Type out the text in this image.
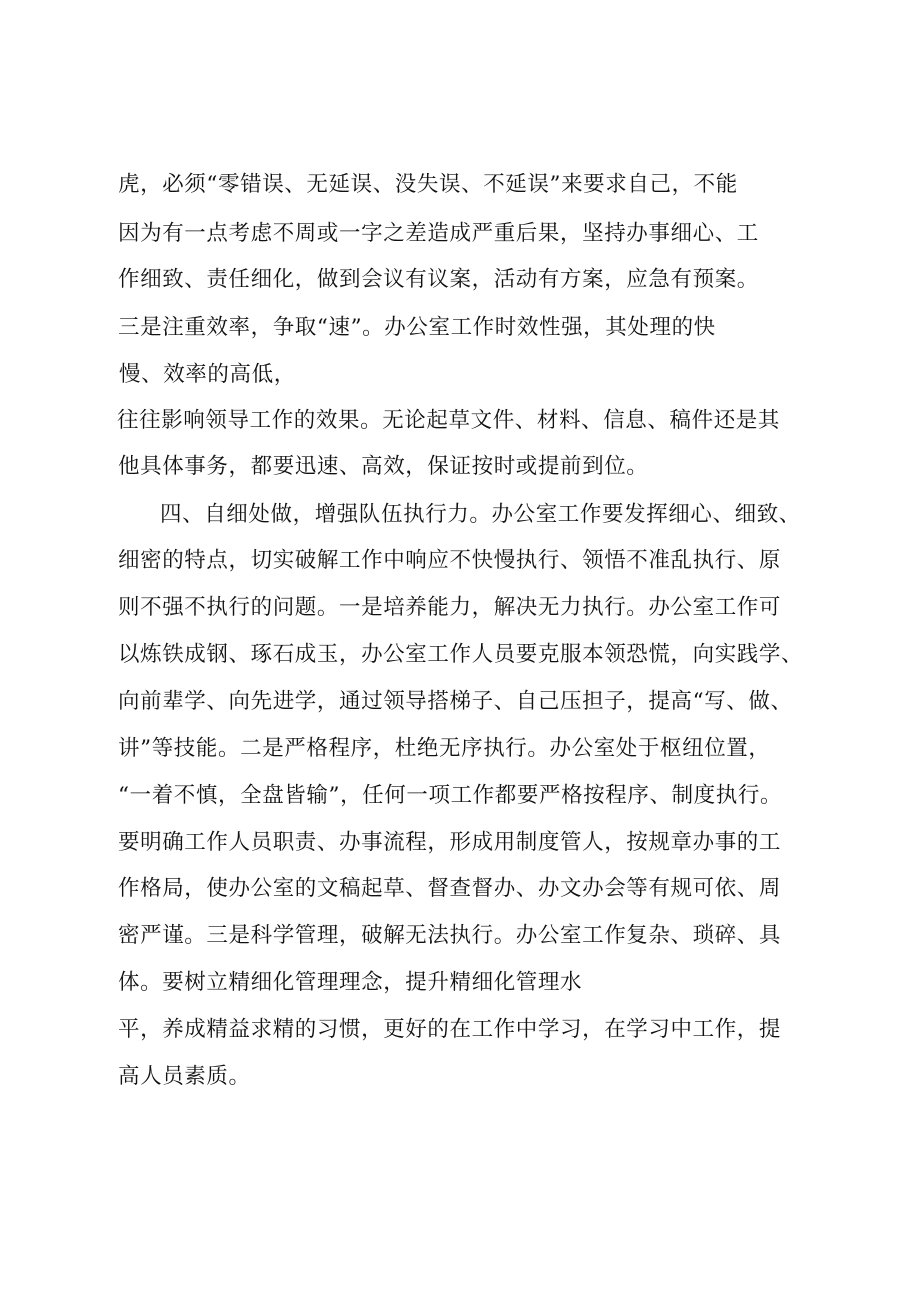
虎，必须“零错误、无延误、没失误、不延误”来要求自己，不能
因为有一点考虑不周或一字之差造成严重后果，坚持办事细心、工
作细致、责任细化，做到会议有议案，活动有方案，应急有预案。
三是注重效率，争取“速”。办公室工作时效性强，其处理的快
慢、效率的高低，
往往影响领导工作的效果。无论起草文件、材料、信息、稿件还是其
他具体事务，都要迅速、高效，保证按时或提前到位。
四、自细处做，增强队伍执行力。办公室工作要发挥细心、细致、
细密的特点，切实破解工作中响应不快慢执行、领悟不准乱执行、原
则不强不执行的问题。一是培养能力，解决无力执行。办公室工作可
以炼铁成钢、琢石成玉，办公室工作人员要克服本领恐慌，向实践学、
向前辈学、向先进学，通过领导搭梯子、自己压担子，提高“写、做、
讲”等技能。二是严格程序，杜绝无序执行。办公室处于枢纽位置，
“一着不慎，全盘皆输”，任何一项工作都要严格按程序、制度执行。
要明确工作人员职责、办事流程，形成用制度管人，按规章办事的工
作格局，使办公室的文稿起草、督查督办、办文办会等有规可依、周
密严谨。三是科学管理，破解无法执行。办公室工作复杂、琐碎、具
体。要树立精细化管理理念，提升精细化管理水
平，养成精益求精的习惯，更好的在工作中学习，在学习中工作，提
高人员素质。
